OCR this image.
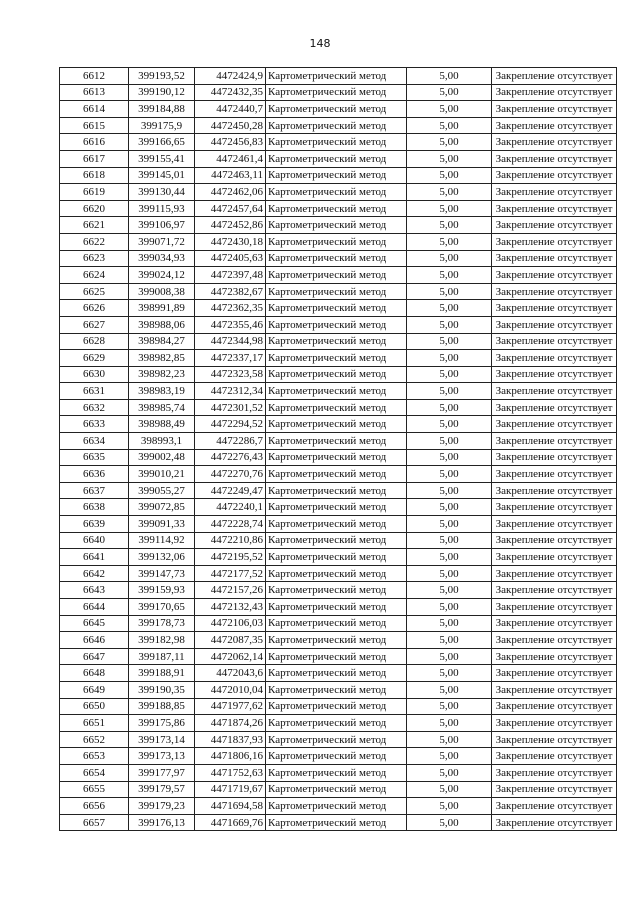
148
6612	399193,52	4472424,9	Картометрический метод	5,00	Закрепление отсутствует
6613	399190,12	4472432,35	Картометрический метод	5,00	Закрепление отсутствует
6614	399184,88	4472440,7	Картометрический метод	5,00	Закрепление отсутствует
6615	399175,9	4472450,28	Картометрический метод	5,00	Закрепление отсутствует
6616	399166,65	4472456,83	Картометрический метод	5,00	Закрепление отсутствует
6617	399155,41	4472461,4	Картометрический метод	5,00	Закрепление отсутствует
6618	399145,01	4472463,11	Картометрический метод	5,00	Закрепление отсутствует
6619	399130,44	4472462,06	Картометрический метод	5,00	Закрепление отсутствует
6620	399115,93	4472457,64	Картометрический метод	5,00	Закрепление отсутствует
6621	399106,97	4472452,86	Картометрический метод	5,00	Закрепление отсутствует
6622	399071,72	4472430,18	Картометрический метод	5,00	Закрепление отсутствует
6623	399034,93	4472405,63	Картометрический метод	5,00	Закрепление отсутствует
6624	399024,12	4472397,48	Картометрический метод	5,00	Закрепление отсутствует
6625	399008,38	4472382,67	Картометрический метод	5,00	Закрепление отсутствует
6626	398991,89	4472362,35	Картометрический метод	5,00	Закрепление отсутствует
6627	398988,06	4472355,46	Картометрический метод	5,00	Закрепление отсутствует
6628	398984,27	4472344,98	Картометрический метод	5,00	Закрепление отсутствует
6629	398982,85	4472337,17	Картометрический метод	5,00	Закрепление отсутствует
6630	398982,23	4472323,58	Картометрический метод	5,00	Закрепление отсутствует
6631	398983,19	4472312,34	Картометрический метод	5,00	Закрепление отсутствует
6632	398985,74	4472301,52	Картометрический метод	5,00	Закрепление отсутствует
6633	398988,49	4472294,52	Картометрический метод	5,00	Закрепление отсутствует
6634	398993,1	4472286,7	Картометрический метод	5,00	Закрепление отсутствует
6635	399002,48	4472276,43	Картометрический метод	5,00	Закрепление отсутствует
6636	399010,21	4472270,76	Картометрический метод	5,00	Закрепление отсутствует
6637	399055,27	4472249,47	Картометрический метод	5,00	Закрепление отсутствует
6638	399072,85	4472240,1	Картометрический метод	5,00	Закрепление отсутствует
6639	399091,33	4472228,74	Картометрический метод	5,00	Закрепление отсутствует
6640	399114,92	4472210,86	Картометрический метод	5,00	Закрепление отсутствует
6641	399132,06	4472195,52	Картометрический метод	5,00	Закрепление отсутствует
6642	399147,73	4472177,52	Картометрический метод	5,00	Закрепление отсутствует
6643	399159,93	4472157,26	Картометрический метод	5,00	Закрепление отсутствует
6644	399170,65	4472132,43	Картометрический метод	5,00	Закрепление отсутствует
6645	399178,73	4472106,03	Картометрический метод	5,00	Закрепление отсутствует
6646	399182,98	4472087,35	Картометрический метод	5,00	Закрепление отсутствует
6647	399187,11	4472062,14	Картометрический метод	5,00	Закрепление отсутствует
6648	399188,91	4472043,6	Картометрический метод	5,00	Закрепление отсутствует
6649	399190,35	4472010,04	Картометрический метод	5,00	Закрепление отсутствует
6650	399188,85	4471977,62	Картометрический метод	5,00	Закрепление отсутствует
6651	399175,86	4471874,26	Картометрический метод	5,00	Закрепление отсутствует
6652	399173,14	4471837,93	Картометрический метод	5,00	Закрепление отсутствует
6653	399173,13	4471806,16	Картометрический метод	5,00	Закрепление отсутствует
6654	399177,97	4471752,63	Картометрический метод	5,00	Закрепление отсутствует
6655	399179,57	4471719,67	Картометрический метод	5,00	Закрепление отсутствует
6656	399179,23	4471694,58	Картометрический метод	5,00	Закрепление отсутствует
6657	399176,13	4471669,76	Картометрический метод	5,00	Закрепление отсутствует
